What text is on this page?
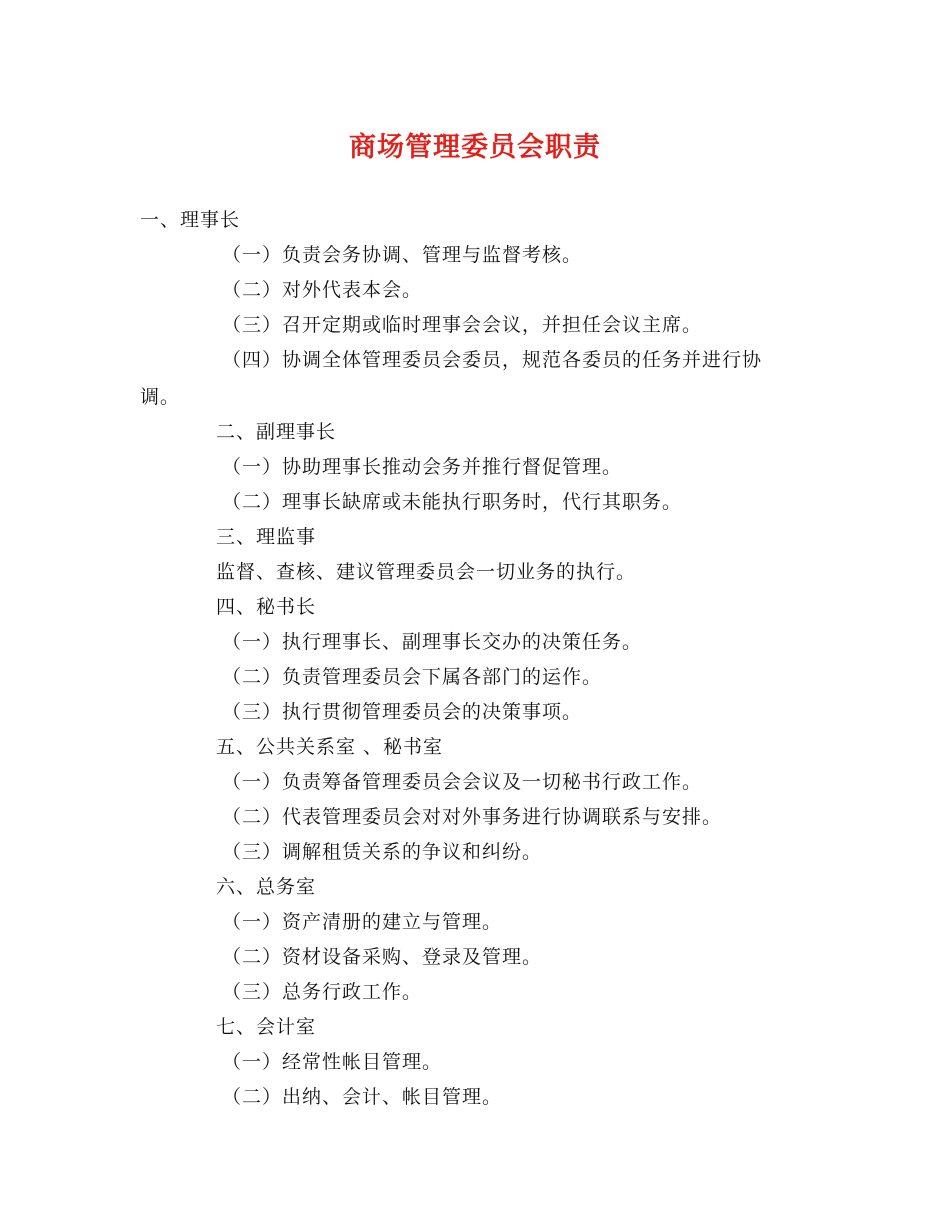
商场管理委员会职责
一、理事长
（一）负责会务协调、管理与监督考核。
（二）对外代表本会。
（三）召开定期或临时理事会会议，并担任会议主席。
（四）协调全体管理委员会委员，规范各委员的任务并进行协
调。
二、副理事长
（一）协助理事长推动会务并推行督促管理。
（二）理事长缺席或未能执行职务时，代行其职务。
三、理监事
监督、查核、建议管理委员会一切业务的执行。
四、秘书长
（一）执行理事长、副理事长交办的决策任务。
（二）负责管理委员会下属各部门的运作。
（三）执行贯彻管理委员会的决策事项。
五、公共关系室 、秘书室
（一）负责筹备管理委员会会议及一切秘书行政工作。
（二）代表管理委员会对对外事务进行协调联系与安排。
（三）调解租赁关系的争议和纠纷。
六、总务室
（一）资产清册的建立与管理。
（二）资材设备采购、登录及管理。
（三）总务行政工作。
七、会计室
（一）经常性帐目管理。
（二）出纳、会计、帐目管理。
